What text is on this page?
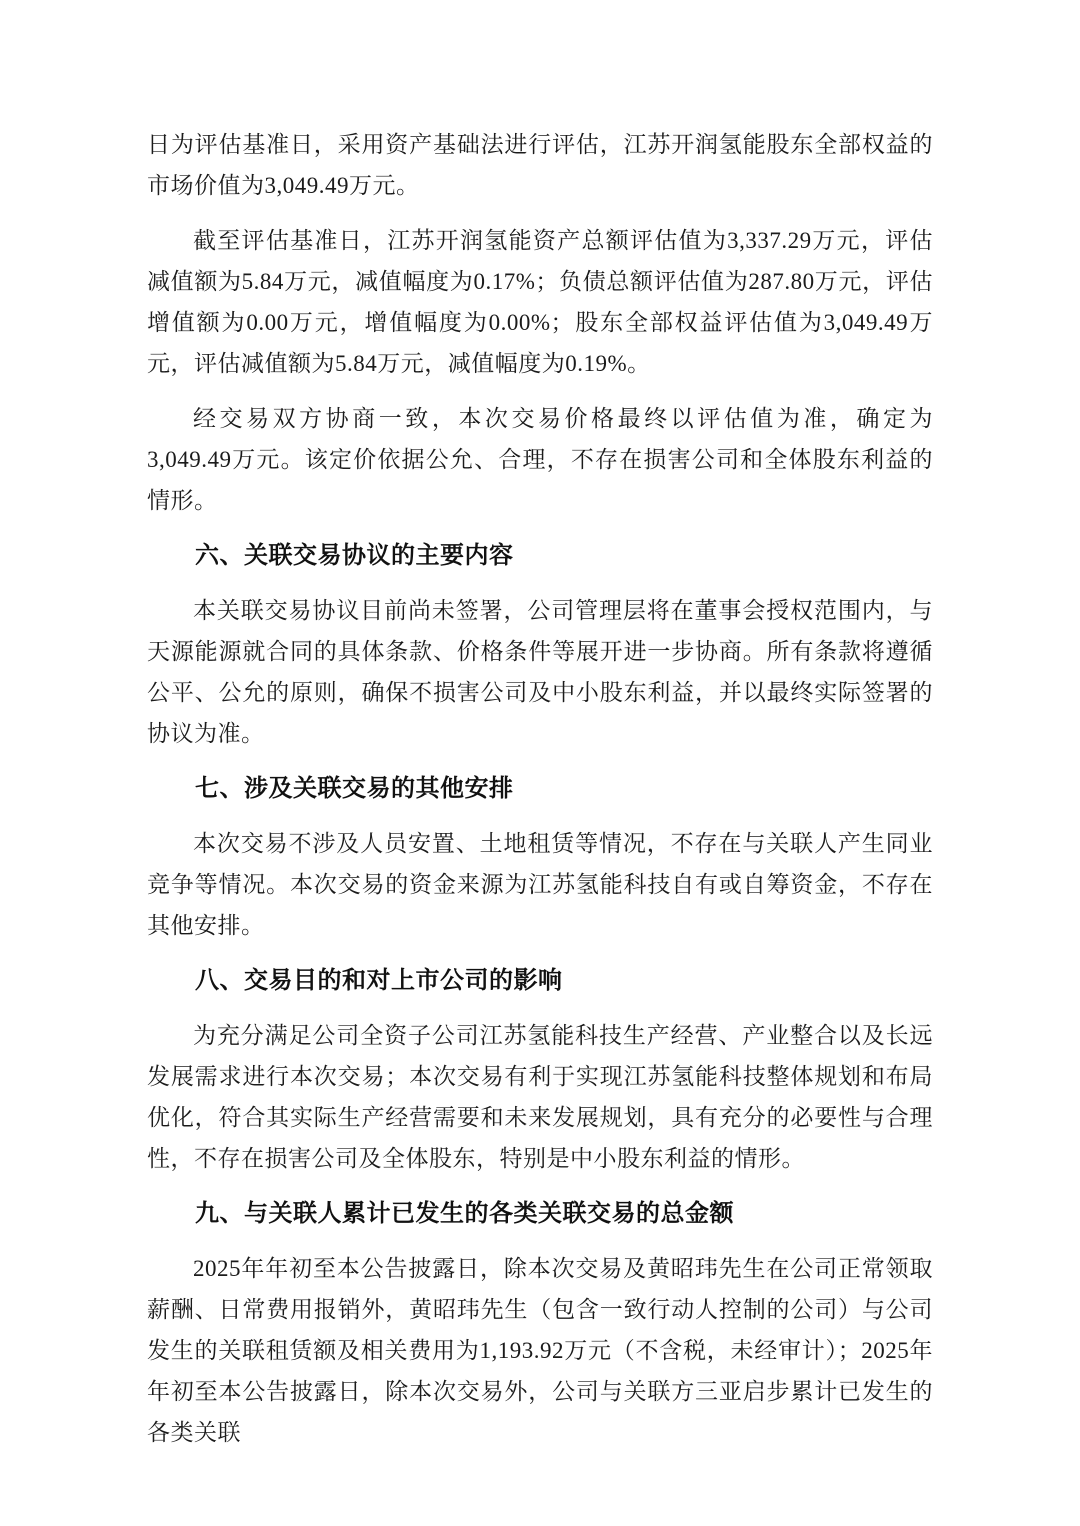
日为评估基准日，采用资产基础法进行评估，江苏开润氢能股东全部权益的市场价值为3,049.49万元。

截至评估基准日，江苏开润氢能资产总额评估值为3,337.29万元，评估减值额为5.84万元，减值幅度为0.17%；负债总额评估值为287.80万元，评估增值额为0.00万元，增值幅度为0.00%；股东全部权益评估值为3,049.49万元，评估减值额为5.84万元，减值幅度为0.19%。

经交易双方协商一致，本次交易价格最终以评估值为准，确定为3,049.49万元。该定价依据公允、合理，不存在损害公司和全体股东利益的情形。

六、关联交易协议的主要内容

本关联交易协议目前尚未签署，公司管理层将在董事会授权范围内，与天源能源就合同的具体条款、价格条件等展开进一步协商。所有条款将遵循公平、公允的原则，确保不损害公司及中小股东利益，并以最终实际签署的协议为准。

七、涉及关联交易的其他安排

本次交易不涉及人员安置、土地租赁等情况，不存在与关联人产生同业竞争等情况。本次交易的资金来源为江苏氢能科技自有或自筹资金，不存在其他安排。

八、交易目的和对上市公司的影响

为充分满足公司全资子公司江苏氢能科技生产经营、产业整合以及长远发展需求进行本次交易；本次交易有利于实现江苏氢能科技整体规划和布局优化，符合其实际生产经营需要和未来发展规划，具有充分的必要性与合理性，不存在损害公司及全体股东，特别是中小股东利益的情形。

九、与关联人累计已发生的各类关联交易的总金额

2025年年初至本公告披露日，除本次交易及黄昭玮先生在公司正常领取薪酬、日常费用报销外，黄昭玮先生（包含一致行动人控制的公司）与公司发生的关联租赁额及相关费用为1,193.92万元（不含税，未经审计）；2025年年初至本公告披露日，除本次交易外，公司与关联方三亚启步累计已发生的各类关联
